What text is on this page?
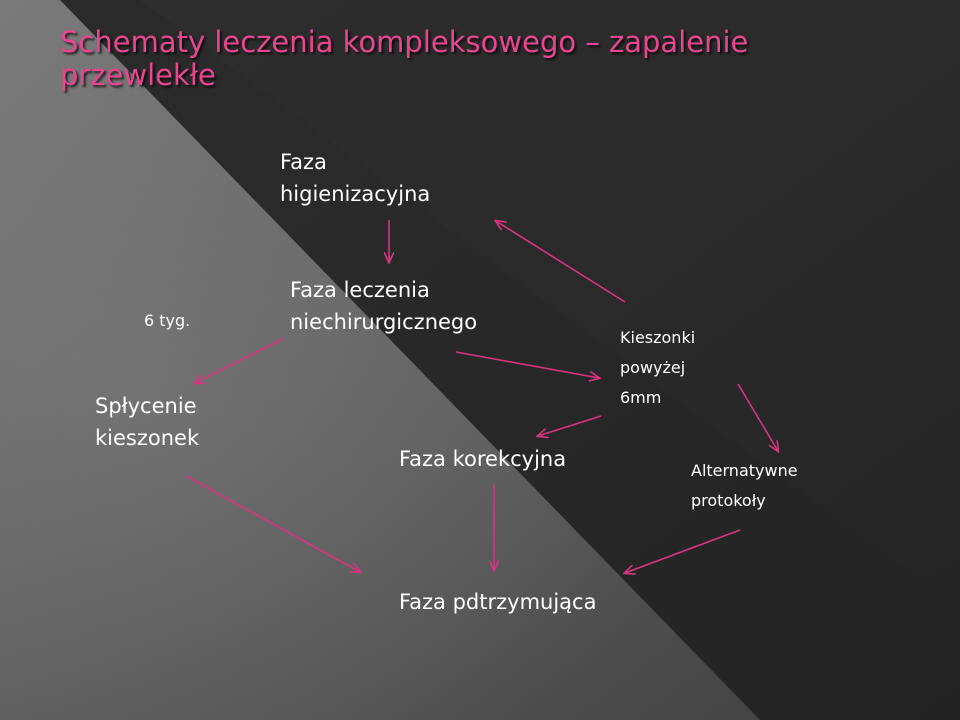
Schematy leczenia kompleksowego – zapalenie przewlekłe
Faza
higienizacyjna
Faza leczenia
niechirurgicznego
6 tyg.
Spłycenie
kieszonek
Kieszonki
powyżej
6mm
Faza korekcyjna	Alternatywne
protokoły
Faza pdtrzymująca
